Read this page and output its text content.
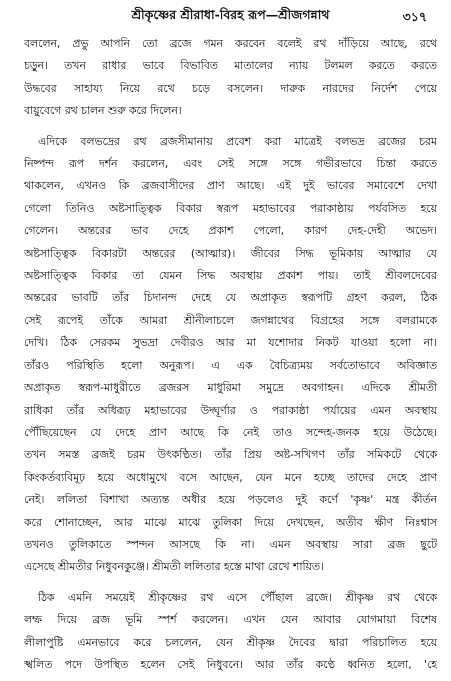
শ্রীকৃষ্ণের শ্রীরাধা-বিরহ রূপ—শ্রীজগন্নাথ	৩১৭
বললেন, প্রভু আপনি তো ব্রজে গমন করবেন বলেই রথ দাঁড়িয়ে আছে, রথে
চড়ুন। তখন রাধার ভাবে বিভাবিত মাতালের ন্যায় টলমল করতে করতে
উদ্ধবের সাহায্য নিয়ে রথে চড়ে বসলেন। দারুক নারদের নির্দেশ পেয়ে
বায়ুবেগে রথ চালন শুরু করে দিলেন।
এদিকে বলভদ্রের রথ ব্রজসীমানায় প্রবেশ করা মাত্রেই বলভদ্র ব্রজের চরম
নিষ্পন্দ রূপ দর্শন করলেন, এবং সেই সঙ্গে সঙ্গে গভীরভাবে চিন্তা করতে
থাকলেন, এখনও কি ব্রজবাসীদের প্রাণ আছে। এই দুই ভাবের সমাবেশে দেখা
গেলো তিনিও অষ্টসাত্ত্বিক বিকার স্বরূপ মহাভাবের পরাকাষ্ঠায় পর্যবসিত হয়ে
গেলেন। অন্তরের ভাব দেহে প্রকাশ পেলো, কারণ দেহ-দেহী অভেদ।
অষ্টসাত্ত্বিক বিকারটা অন্তরের (আত্মার)। জীবের সিদ্ধ ভূমিকায় আত্মার যে
অষ্টসাত্ত্বিক বিকার তা যেমন সিদ্ধ অবস্থায় প্রকাশ পায়। তাই শ্রীবলদেবের
অন্তরের ভাবটি তাঁর চিদানন্দ দেহে যে অপ্রাকৃত স্বরূপটি গ্রহণ করল, ঠিক
সেই রূপেই তাঁকে আমরা শ্রীনীলাচলে জগন্নাথের বিগ্রহের সঙ্গে বলরামকে
দেখি। ঠিক সেরকম সুভদ্রা দেবীরও আর মা যশোদার নিকট যাওয়া হলো না।
তাঁরও পরিস্থিতি হলো অনুরূপ। এ এক বৈচিত্র্যময় সর্বতোভাবে অবিজ্ঞাত
অপ্রাকৃত স্বরূপ-মাধুরীতে ব্রজরস মাধুরিমা সমুদ্রে অবগাহন। এদিকে শ্রীমতী
রাধিকা তাঁর অধিরূঢ় মহাভাবের উদ্ঘূর্ণার ও পরাকাষ্ঠা পর্যায়ের এমন অবস্থায়
পৌঁছিয়েছেন যে দেহে প্রাণ আছে কি নেই তাও সন্দেহ-জনক হয়ে উঠেছে।
তখন সমস্ত ব্রজই চরম উৎকণ্ঠিত। তাঁর প্রিয় অষ্ট-সখিগণ তাঁর সমিকটে থেকে
কিংকর্তব্যবিমূঢ় হয়ে অধোমুখে বসে আছেন, যেন মনে হচ্ছে তাদের দেহে প্রাণ
নেই। ললিতা বিশাখা অত্যন্ত অধীর হয়ে পড়লেও দুই কর্ণে 'কৃষ্ণ' মন্ত্র কীর্তন
করে শোনাচ্ছেন, আর মাঝে মাঝে তুলিকা দিয়ে দেখছেন, অতীব ক্ষীণ নিঃশ্বাস
তখনও তুলিকাতে স্পন্দন আসছে কি না। এমন অবস্থায় সারা ব্রজ ছুটে
এসেছে শ্রীমতীর নিধুবনকুঞ্জে। শ্রীমতী ললিতার হস্তে মাথা রেখে শায়িত।
ঠিক এমনি সময়েই শ্রীকৃষ্ণের রথ এসে পৌঁছাল ব্রজে। শ্রীকৃষ্ণ রথ থেকে
লম্ফ দিয়ে ব্রজ ভূমি স্পর্শ করলেন। এখন যেন আবার যোগমায়া বিশেষ
লীলাপুষ্টি এমনভাবে করে চললেন, যেন শ্রীকৃষ্ণ দৈবের দ্বারা পরিচালিত হয়ে
স্খলিত পদে উপস্থিত হলেন সেই নিধুবনে। আর তাঁর কণ্ঠে ধ্বনিত হলো, 'হে
